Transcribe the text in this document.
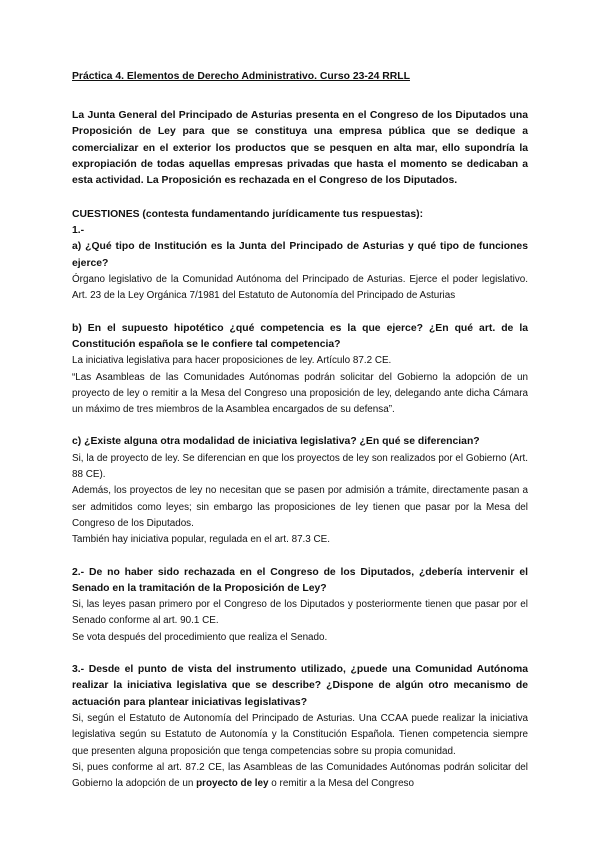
Práctica 4. Elementos de Derecho Administrativo. Curso 23-24 RRLL

La Junta General del Principado de Asturias presenta en el Congreso de los Diputados una Proposición de Ley para que se constituya una empresa pública que se dedique a comercializar en el exterior los productos que se pesquen en alta mar, ello supondría la expropiación de todas aquellas empresas privadas que hasta el momento se dedicaban a esta actividad. La Proposición es rechazada en el Congreso de los Diputados.

CUESTIONES (contesta fundamentando jurídicamente tus respuestas):

1.-

a) ¿Qué tipo de Institución es la Junta del Principado de Asturias y qué tipo de funciones ejerce?

Órgano legislativo de la Comunidad Autónoma del Principado de Asturias. Ejerce el poder legislativo. Art. 23 de la Ley Orgánica 7/1981 del Estatuto de Autonomía del Principado de Asturias

b) En el supuesto hipotético ¿qué competencia es la que ejerce? ¿En qué art. de la Constitución española se le confiere tal competencia?

La iniciativa legislativa para hacer proposiciones de ley. Artículo 87.2 CE.

“Las Asambleas de las Comunidades Autónomas podrán solicitar del Gobierno la adopción de un proyecto de ley o remitir a la Mesa del Congreso una proposición de ley, delegando ante dicha Cámara un máximo de tres miembros de la Asamblea encargados de su defensa”.

c) ¿Existe alguna otra modalidad de iniciativa legislativa? ¿En qué se diferencian?

Si, la de proyecto de ley. Se diferencian en que los proyectos de ley son realizados por el Gobierno (Art. 88 CE).

Además, los proyectos de ley no necesitan que se pasen por admisión a trámite, directamente pasan a ser admitidos como leyes; sin embargo las proposiciones de ley tienen que pasar por la Mesa del Congreso de los Diputados.

También hay iniciativa popular, regulada en el art. 87.3 CE.

2.- De no haber sido rechazada en el Congreso de los Diputados, ¿debería intervenir el Senado en la tramitación de la Proposición de Ley?

Si, las leyes pasan primero por el Congreso de los Diputados y posteriormente tienen que pasar por el Senado conforme al art. 90.1 CE.

Se vota después del procedimiento que realiza el Senado.

3.- Desde el punto de vista del instrumento utilizado, ¿puede una Comunidad Autónoma realizar la iniciativa legislativa que se describe? ¿Dispone de algún otro mecanismo de actuación para plantear iniciativas legislativas?

Si, según el Estatuto de Autonomía del Principado de Asturias. Una CCAA puede realizar la iniciativa legislativa según su Estatuto de Autonomía y la Constitución Española. Tienen competencia siempre que presenten alguna proposición que tenga competencias sobre su propia comunidad.

Si, pues conforme al art. 87.2 CE, las Asambleas de las Comunidades Autónomas podrán solicitar del Gobierno la adopción de un proyecto de ley o remitir a la Mesa del Congreso
